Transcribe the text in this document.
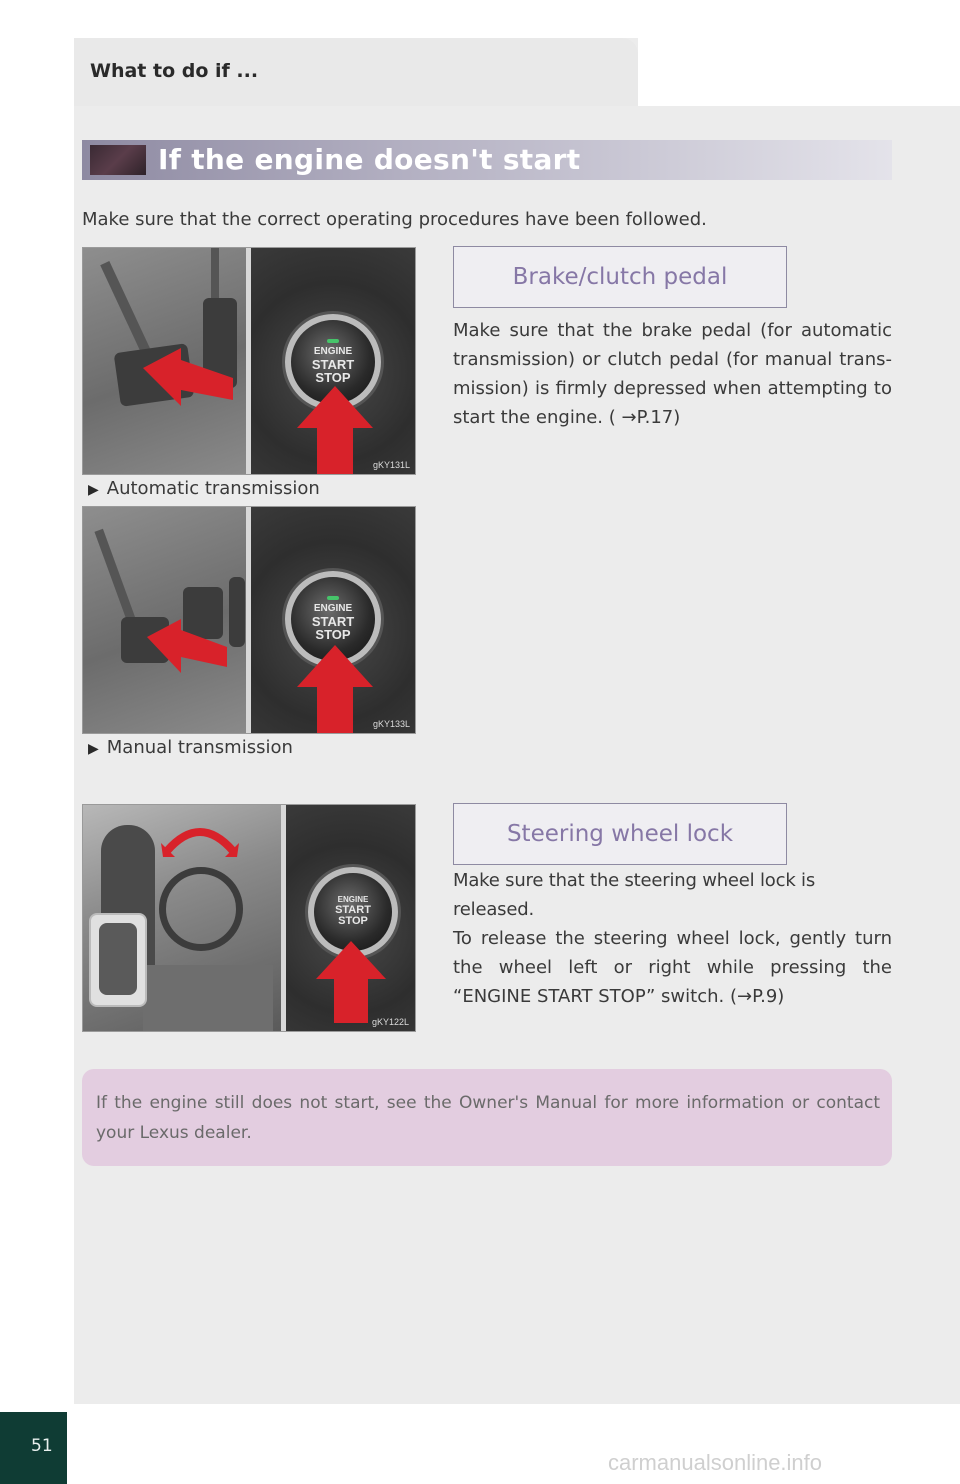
What to do if ...
If the engine doesn't start
Make sure that the correct operating procedures have been followed.
ENGINE
START
STOP
gKY131L
▶ Automatic transmission
ENGINE
START
STOP
gKY133L
▶ Manual transmission
ENGINE
START
STOP
gKY122L
Brake/clutch pedal
Make sure that the brake pedal (for automatic transmission) or clutch pedal (for manual trans-mission) is firmly depressed when attempting to start the engine. ( →P.17)
Steering wheel lock
Make sure that the steering wheel lock is released.
To release the steering wheel lock, gently turn the wheel left or right while pressing the “ENGINE START STOP” switch. (→P.9)
If the engine still does not start, see the Owner's Manual for more information or contact your Lexus dealer.
51
carmanualsonline.info
